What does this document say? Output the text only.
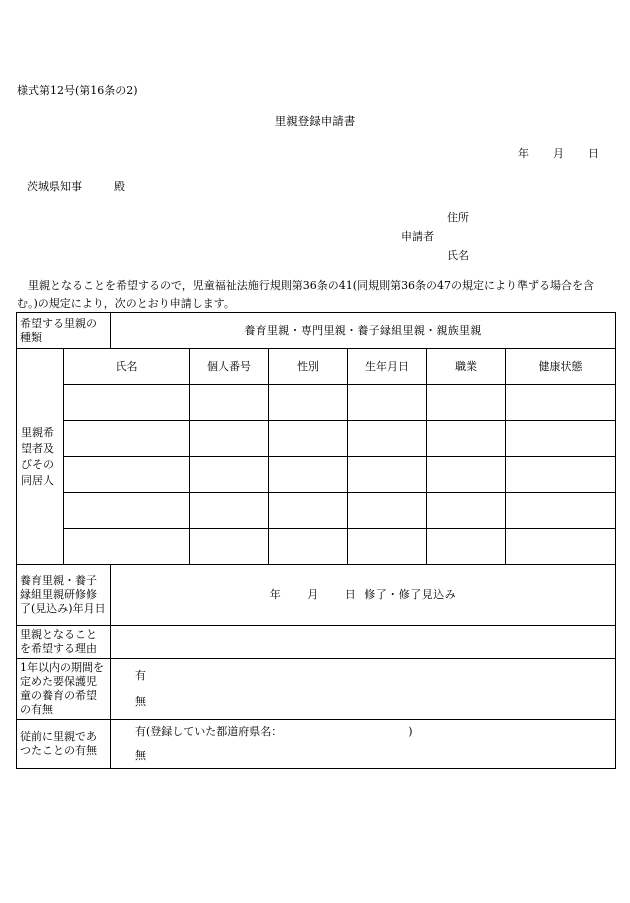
様式第12号(第16条の2)
里親登録申請書
年 月 日
茨城県知事	殿
住所
申請者
氏名
里親となることを希望するので，児童福祉法施行規則第36条の41(同規則第36条の47の規定により準ずる場合を含む。)の規定により，次のとおり申請します。
希望する里親の種類		養育里親・専門里親・養子縁組里親・親族里親					
里親希望者及びその同居人	氏名		個人番号	性別	生年月日	職業	健康状態

養育里親・養子縁組里親研修修了(見込み)年月日		年 月 日 修了・修了見込み					
里親となることを希望する理由							
1年以内の期間を定めた要保護児童の養育の希望の有無		有
無					

従前に里親であつたことの有無		有(登録していた都道府県名： )
無					
